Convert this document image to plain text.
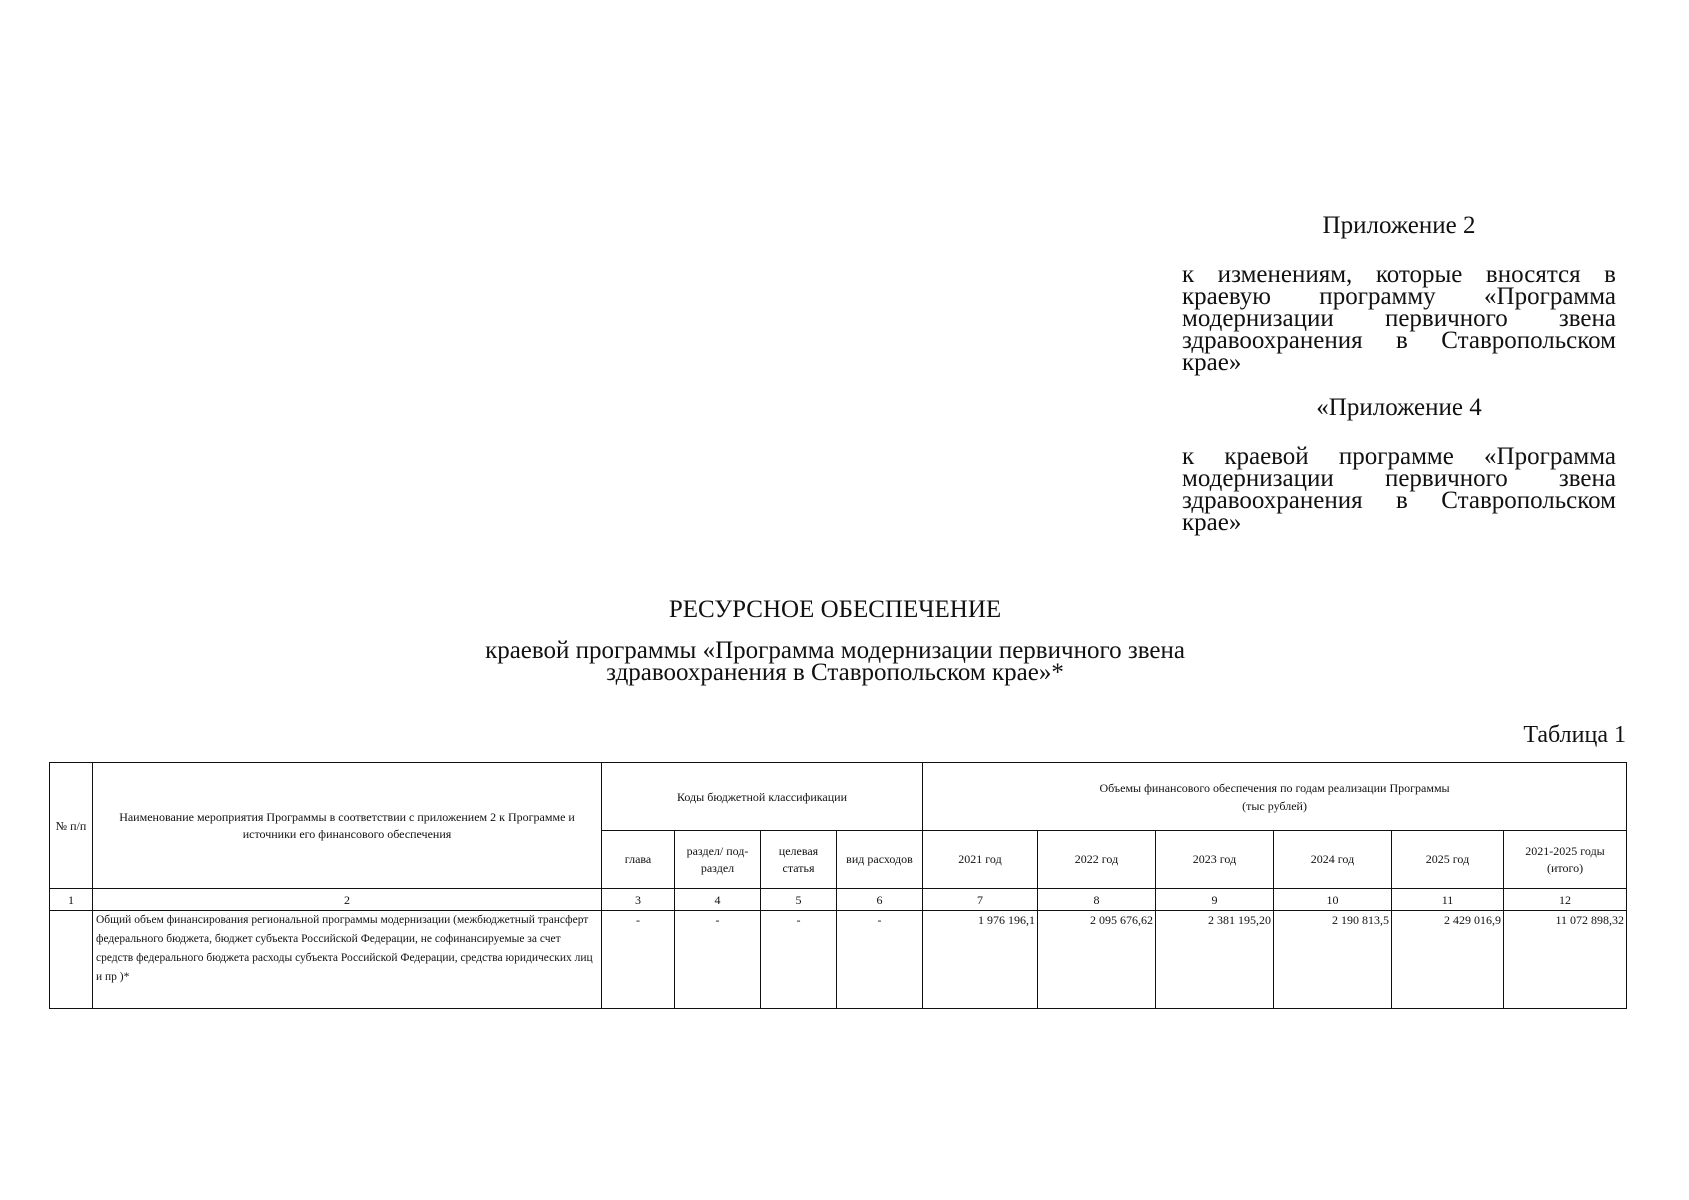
Приложение 2
к изменениям, которые вносятся в краевую программу «Программа модернизации первичного звена здравоохранения в Ставропольском крае»
«Приложение 4
к краевой программе «Программа модернизации первичного звена здравоохранения в Ставропольском крае»
РЕСУРСНОЕ ОБЕСПЕЧЕНИЕ
краевой программы «Программа модернизации первичного звена
здравоохранения в Ставропольском крае»*
Таблица 1
№ п/п	Наименование мероприятия Программы в соответствии с приложением 2 к Программе и источники его финансового обеспечения	Коды бюджетной классификации				Объемы финансового обеспечения по годам реализации Программы
(тыс рублей)					

		глава	раздел/ под-раздел	целевая статья	вид расходов	2021 год	2022 год	2023 год	2024 год	2025 год	2021-2025 годы (итого)
1	2	3	4	5	6	7	8	9	10	11	12
	Общий объем финансирования региональной программы модернизации (межбюджетный трансферт федерального бюджета, бюджет субъекта Российской Федерации, не софинансируемые за счет средств федерального бюджета расходы субъекта Российской Федерации, средства юридических лиц и пр )*	-	-	-	-	1 976 196,1	2 095 676,62	2 381 195,20	2 190 813,5	2 429 016,9	11 072 898,32
